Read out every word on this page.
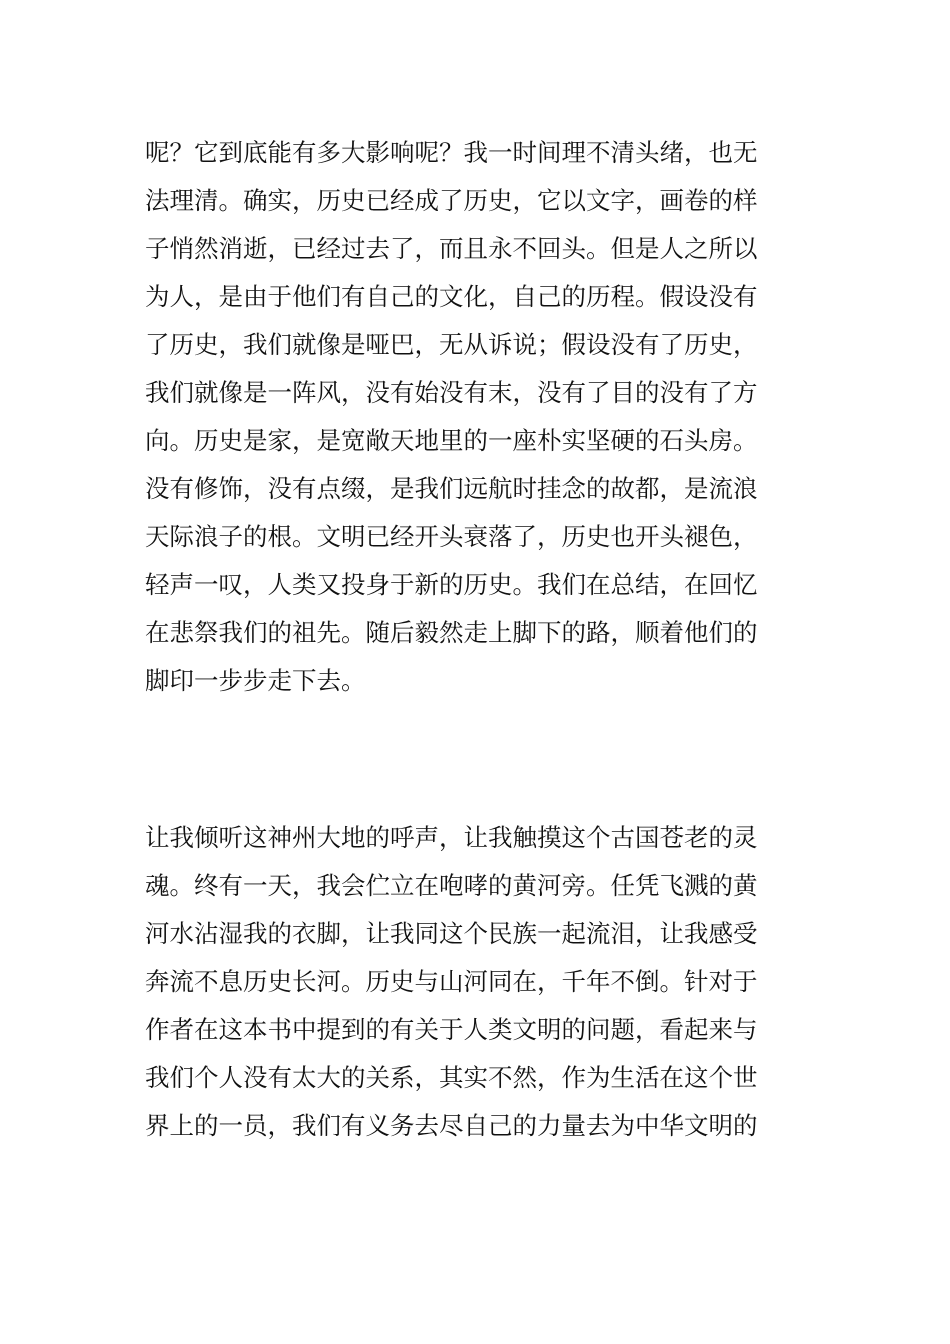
呢？它到底能有多大影响呢？我一时间理不清头绪，也无
法理清。确实，历史已经成了历史，它以文字，画卷的样
子悄然消逝，已经过去了，而且永不回头。但是人之所以
为人，是由于他们有自己的文化，自己的历程。假设没有
了历史，我们就像是哑巴，无从诉说；假设没有了历史，
我们就像是一阵风，没有始没有末，没有了目的没有了方
向。历史是家，是宽敞天地里的一座朴实坚硬的石头房。
没有修饰，没有点缀，是我们远航时挂念的故都，是流浪
天际浪子的根。文明已经开头衰落了，历史也开头褪色，
轻声一叹，人类又投身于新的历史。我们在总结，在回忆
在悲祭我们的祖先。随后毅然走上脚下的路，顺着他们的
脚印一步步走下去。
让我倾听这神州大地的呼声，让我触摸这个古国苍老的灵
魂。终有一天，我会伫立在咆哮的黄河旁。任凭飞溅的黄
河水沾湿我的衣脚，让我同这个民族一起流泪，让我感受
奔流不息历史长河。历史与山河同在，千年不倒。针对于
作者在这本书中提到的有关于人类文明的问题，看起来与
我们个人没有太大的关系，其实不然，作为生活在这个世
界上的一员，我们有义务去尽自己的力量去为中华文明的
